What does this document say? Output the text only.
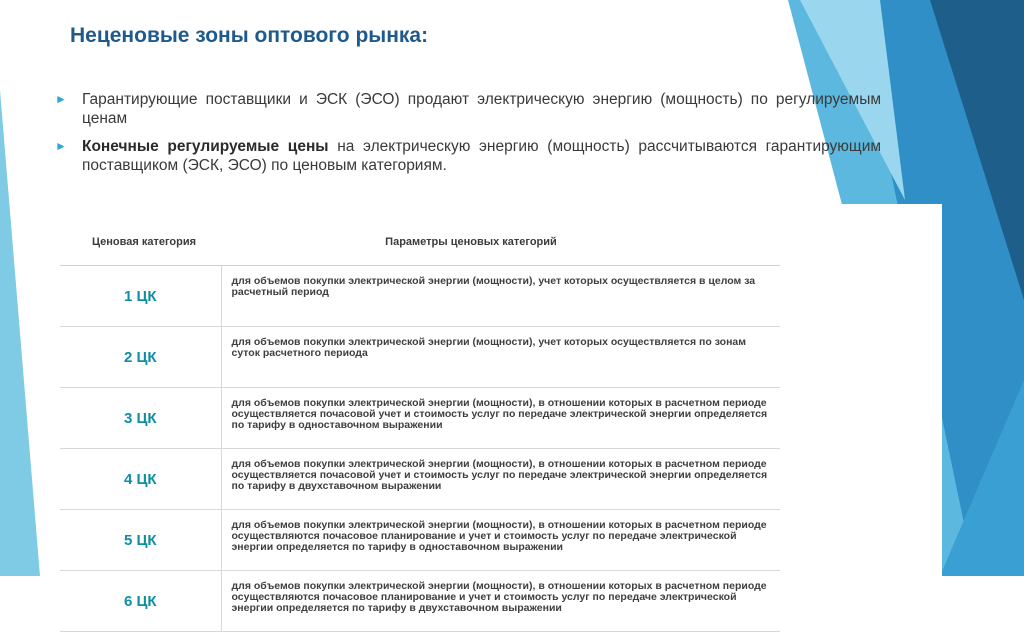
Неценовые зоны оптового рынка:
► Гарантирующие поставщики и ЭСК (ЭСО) продают электрическую энергию (мощность) по регулируемым ценам
► Конечные регулируемые цены на электрическую энергию (мощность) рассчитываются гарантирующим поставщиком (ЭСК, ЭСО) по ценовым категориям.
Ценовая категория	Параметры ценовых категорий
1 ЦК	для объемов покупки электрической энергии (мощности), учет которых осуществляется в целом за расчетный период
2 ЦК	для объемов покупки электрической энергии (мощности), учет которых осуществляется по зонам суток расчетного периода
3 ЦК	для объемов покупки электрической энергии (мощности), в отношении которых в расчетном периоде осуществляется почасовой учет и стоимость услуг по передаче электрической энергии определяется по тарифу в одноставочном выражении
4 ЦК	для объемов покупки электрической энергии (мощности), в отношении которых в расчетном периоде осуществляется почасовой учет и стоимость услуг по передаче электрической энергии определяется по тарифу в двухставочном выражении
5 ЦК	для объемов покупки электрической энергии (мощности), в отношении которых в расчетном периоде осуществляются почасовое планирование и учет и стоимость услуг по передаче электрической энергии определяется по тарифу в одноставочном выражении
6 ЦК	для объемов покупки электрической энергии (мощности), в отношении которых в расчетном периоде осуществляются почасовое планирование и учет и стоимость услуг по передаче электрической энергии определяется по тарифу в двухставочном выражении
